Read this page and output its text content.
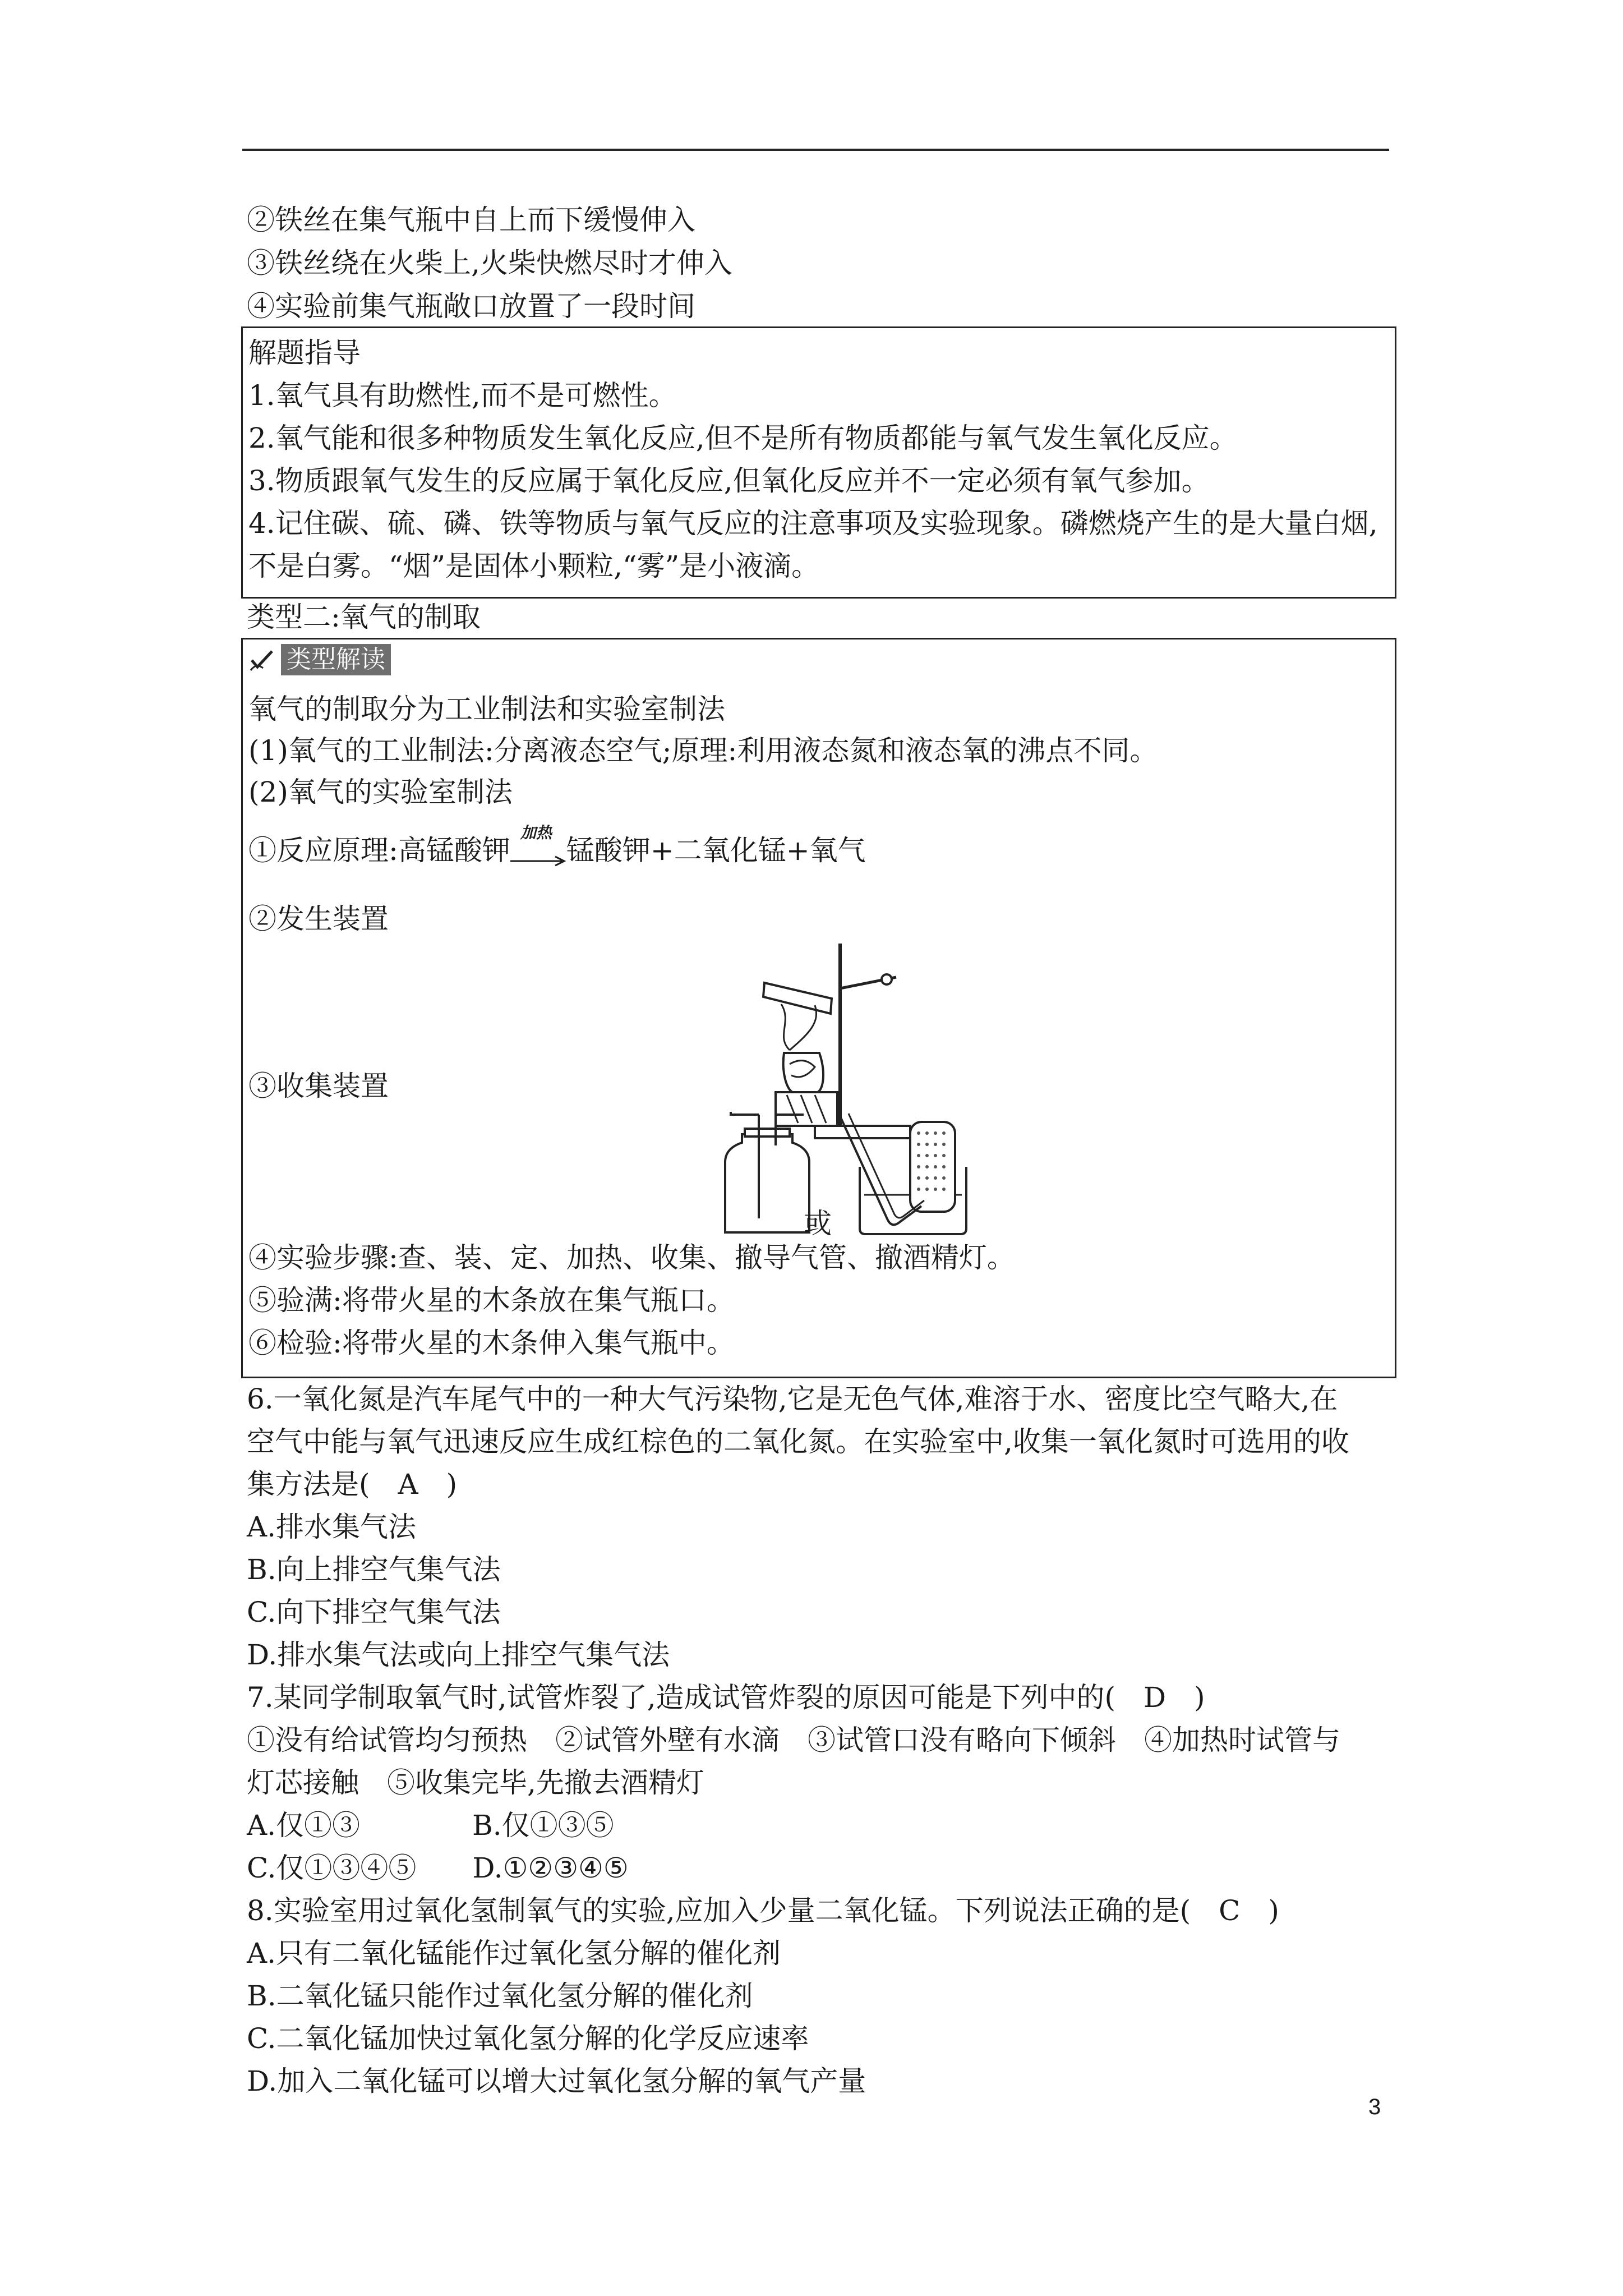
②铁丝在集气瓶中自上而下缓慢伸入
③铁丝绕在火柴上,火柴快燃尽时才伸入
④实验前集气瓶敞口放置了一段时间
解题指导
1.氧气具有助燃性,而不是可燃性。
2.氧气能和很多种物质发生氧化反应,但不是所有物质都能与氧气发生氧化反应。
3.物质跟氧气发生的反应属于氧化反应,但氧化反应并不一定必须有氧气参加。
4.记住碳、硫、磷、铁等物质与氧气反应的注意事项及实验现象。磷燃烧产生的是大量白烟,
不是白雾。“烟”是固体小颗粒,“雾”是小液滴。
类型二:氧气的制取
类型解读
氧气的制取分为工业制法和实验室制法
(1)氧气的工业制法:分离液态空气;原理:利用液态氮和液态氧的沸点不同。
(2)氧气的实验室制法
①反应原理:高锰酸钾
加热
锰酸钾+二氧化锰+氧气
②发生装置
③收集装置
或
④实验步骤:查、装、定、加热、收集、撤导气管、撤酒精灯。
⑤验满:将带火星的木条放在集气瓶口。
⑥检验:将带火星的木条伸入集气瓶中。
6.一氧化氮是汽车尾气中的一种大气污染物,它是无色气体,难溶于水、密度比空气略大,在
空气中能与氧气迅速反应生成红棕色的二氧化氮。在实验室中,收集一氧化氮时可选用的收
集方法是(　A　)
A.排水集气法
B.向上排空气集气法
C.向下排空气集气法
D.排水集气法或向上排空气集气法
7.某同学制取氧气时,试管炸裂了,造成试管炸裂的原因可能是下列中的(　D　)
①没有给试管均匀预热　②试管外壁有水滴　③试管口没有略向下倾斜　④加热时试管与
灯芯接触　⑤收集完毕,先撤去酒精灯
A.仅①③　　　　B.仅①③⑤
C.仅①③④⑤　　D.①②③④⑤
8.实验室用过氧化氢制氧气的实验,应加入少量二氧化锰。下列说法正确的是(　C　)
A.只有二氧化锰能作过氧化氢分解的催化剂
B.二氧化锰只能作过氧化氢分解的催化剂
C.二氧化锰加快过氧化氢分解的化学反应速率
D.加入二氧化锰可以增大过氧化氢分解的氧气产量
3
